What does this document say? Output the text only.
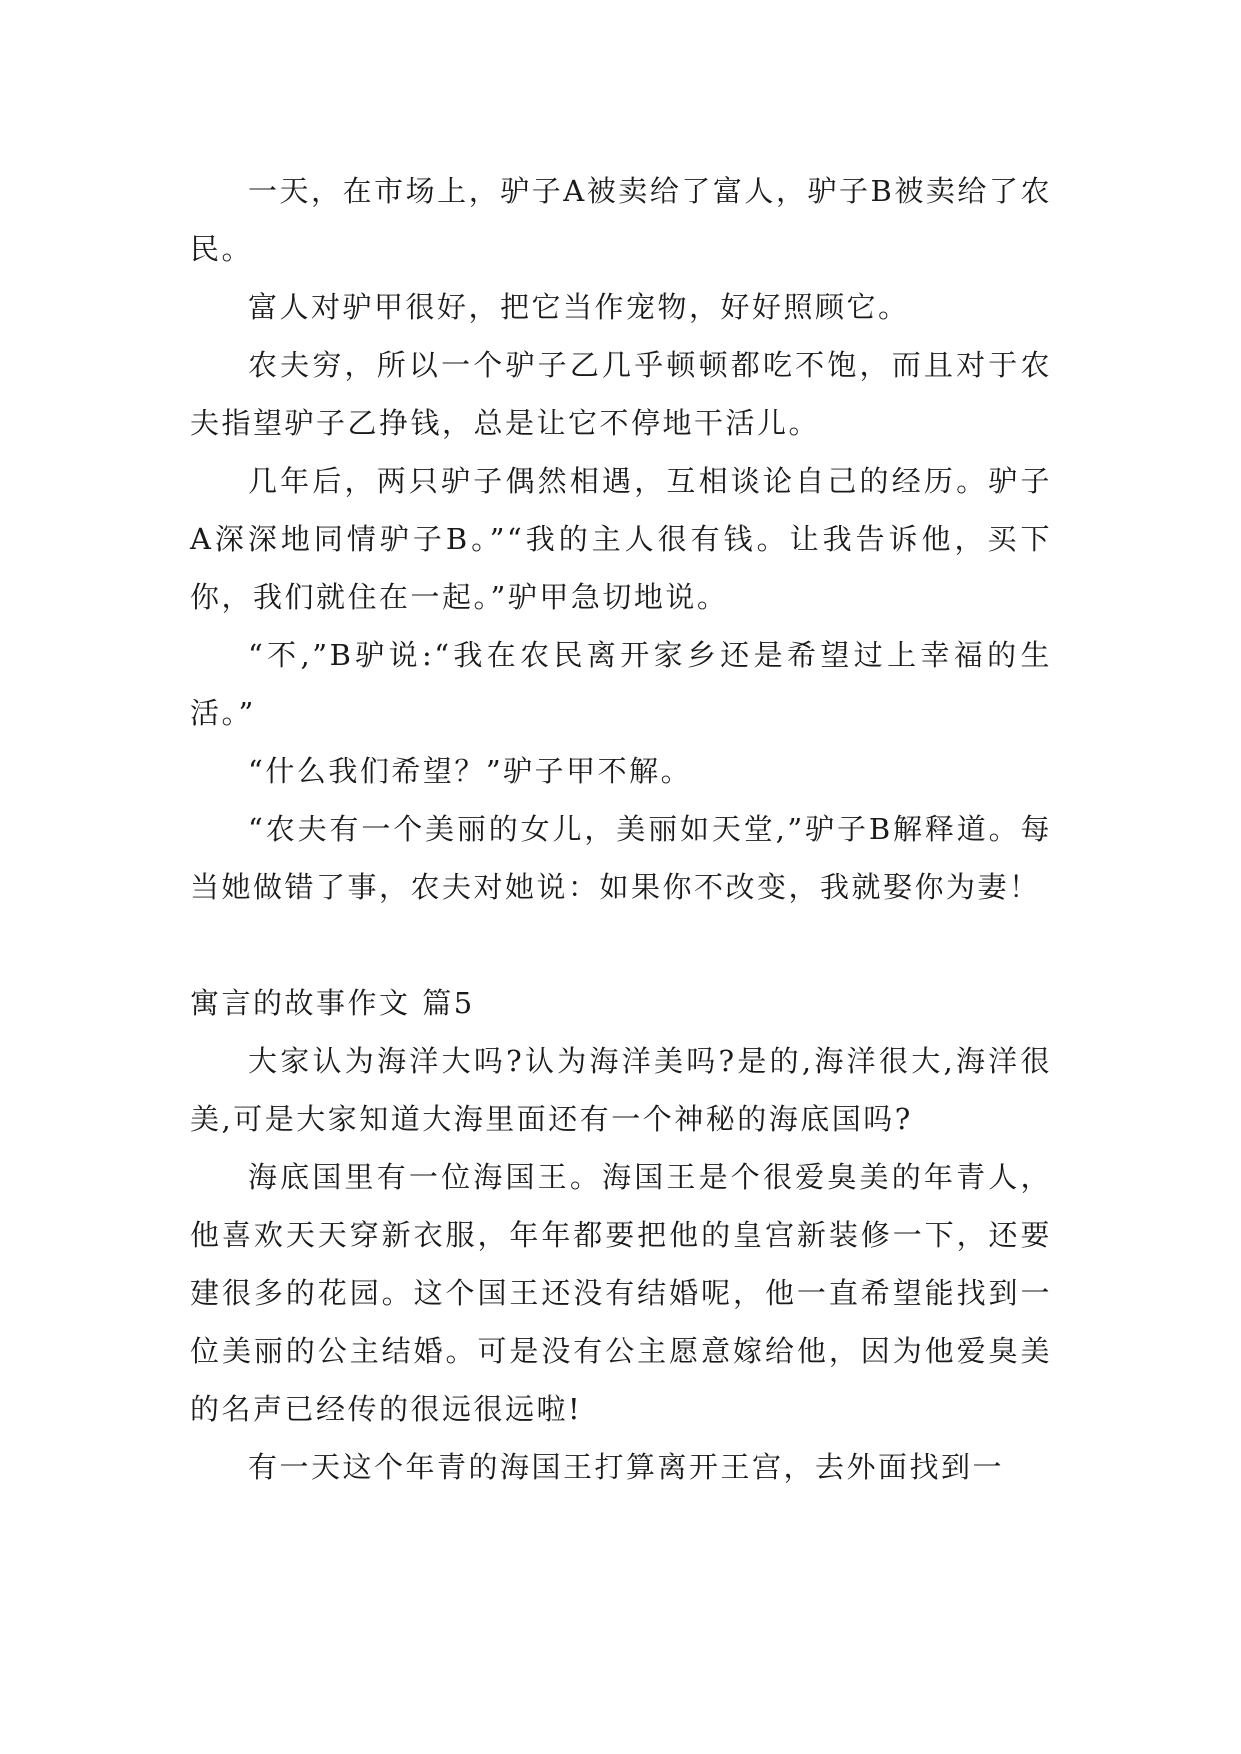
一天，在市场上，驴子A被卖给了富人，驴子B被卖给了农民。

富人对驴甲很好，把它当作宠物，好好照顾它。

农夫穷，所以一个驴子乙几乎顿顿都吃不饱，而且对于农夫指望驴子乙挣钱，总是让它不停地干活儿。

几年后，两只驴子偶然相遇，互相谈论自己的经历。驴子A深深地同情驴子B。”“我的主人很有钱。让我告诉他，买下你，我们就住在一起。”驴甲急切地说。

“不,”B驴说:“我在农民离开家乡还是希望过上幸福的生活。”

“什么我们希望？”驴子甲不解。

“农夫有一个美丽的女儿，美丽如天堂,”驴子B解释道。每当她做错了事，农夫对她说：如果你不改变，我就娶你为妻！

寓言的故事作文 篇5

大家认为海洋大吗?认为海洋美吗?是的,海洋很大,海洋很美,可是大家知道大海里面还有一个神秘的海底国吗?

海底国里有一位海国王。海国王是个很爱臭美的年青人，他喜欢天天穿新衣服，年年都要把他的皇宫新装修一下，还要建很多的花园。这个国王还没有结婚呢，他一直希望能找到一位美丽的公主结婚。可是没有公主愿意嫁给他，因为他爱臭美的名声已经传的很远很远啦!

有一天这个年青的海国王打算离开王宫，去外面找到一
